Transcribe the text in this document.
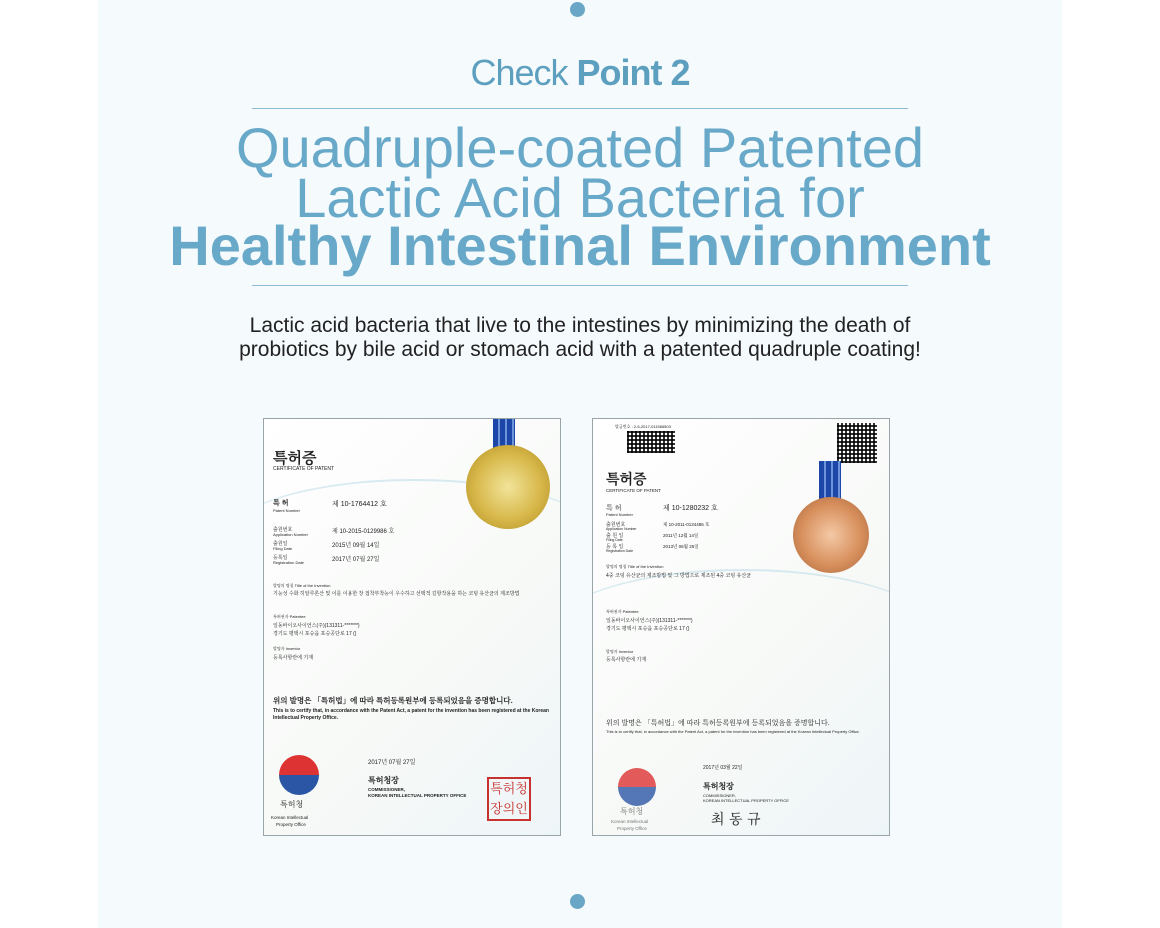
Check Point 2
Quadruple-coated Patented
Lactic Acid Bacteria for
Healthy Intestinal Environment
Lactic acid bacteria that live to the intestines by minimizing the death of probiotics by bile acid or stomach acid with a patented quadruple coating!
특허증
CERTIFICATE OF PATENT
특 허
Patent Number
제 10-1764412 호
출원번호
Application Number	제 10-2015-0129986 호
출원일
Filing Date	2015년 09월 14일
등록일
Registration Date	2017년 07월 27일
발명의 명칭 Title of the Invention
기능성 수화 히알루론산 및 이를 이용한 장 접착부착능이 우수하고 선택적 길항작용을 하는 코팅 유산균의 제조방법
특허권자 Patentee
일동바이오사이언스(주)(131311-*******)
경기도 평택시 포승읍 포승공단로 17 ()
발명자 Inventor
등록사항란에 기재
위의 발명은 「특허법」에 따라 특허등록원부에 등록되었음을 증명합니다.
This is to certify that, in accordance with the Patent Act, a patent for the invention has been registered at the Korean Intellectual Property Office.
2017년 07월 27일
특허청장
COMMISSIONER,
KOREAN INTELLECTUAL PROPERTY OFFICE 특허청장의인
특허청
Korean Intellectual
Property Office
발급번호 : 2-5-2017-011566503
특허증
CERTIFICATE OF PATENT
특 허
Patent Number
제 10-1280232 호
출원번호
Application Number
제 10-2011-0134486 호
출 원 일
Filing Date
2011년 12월 14일
등 록 일
Registration Date
2013년 06월 25일
발명의 명칭 Title of the Invention
4중 코팅 유산균의 제조방법 및 그 방법으로 제조된 4중 코팅 유산균
특허권자 Patentee
일동바이오사이언스(주)(131311-*******)
경기도 평택시 포승읍 포승공단로 17 ()
발명자 Inventor
등록사항란에 기재
위의 발명은 「특허법」에 따라 특허등록원부에 등록되었음을 증명합니다.
This is to certify that, in accordance with the Patent Act, a patent for the invention has been registered at the Korean Intellectual Property Office.
2017년 03월 22일
특허청장
COMMISSIONER,
KOREAN INTELLECTUAL PROPERTY OFFICE
최 동 규
특허청
Korean Intellectual
Property Office
